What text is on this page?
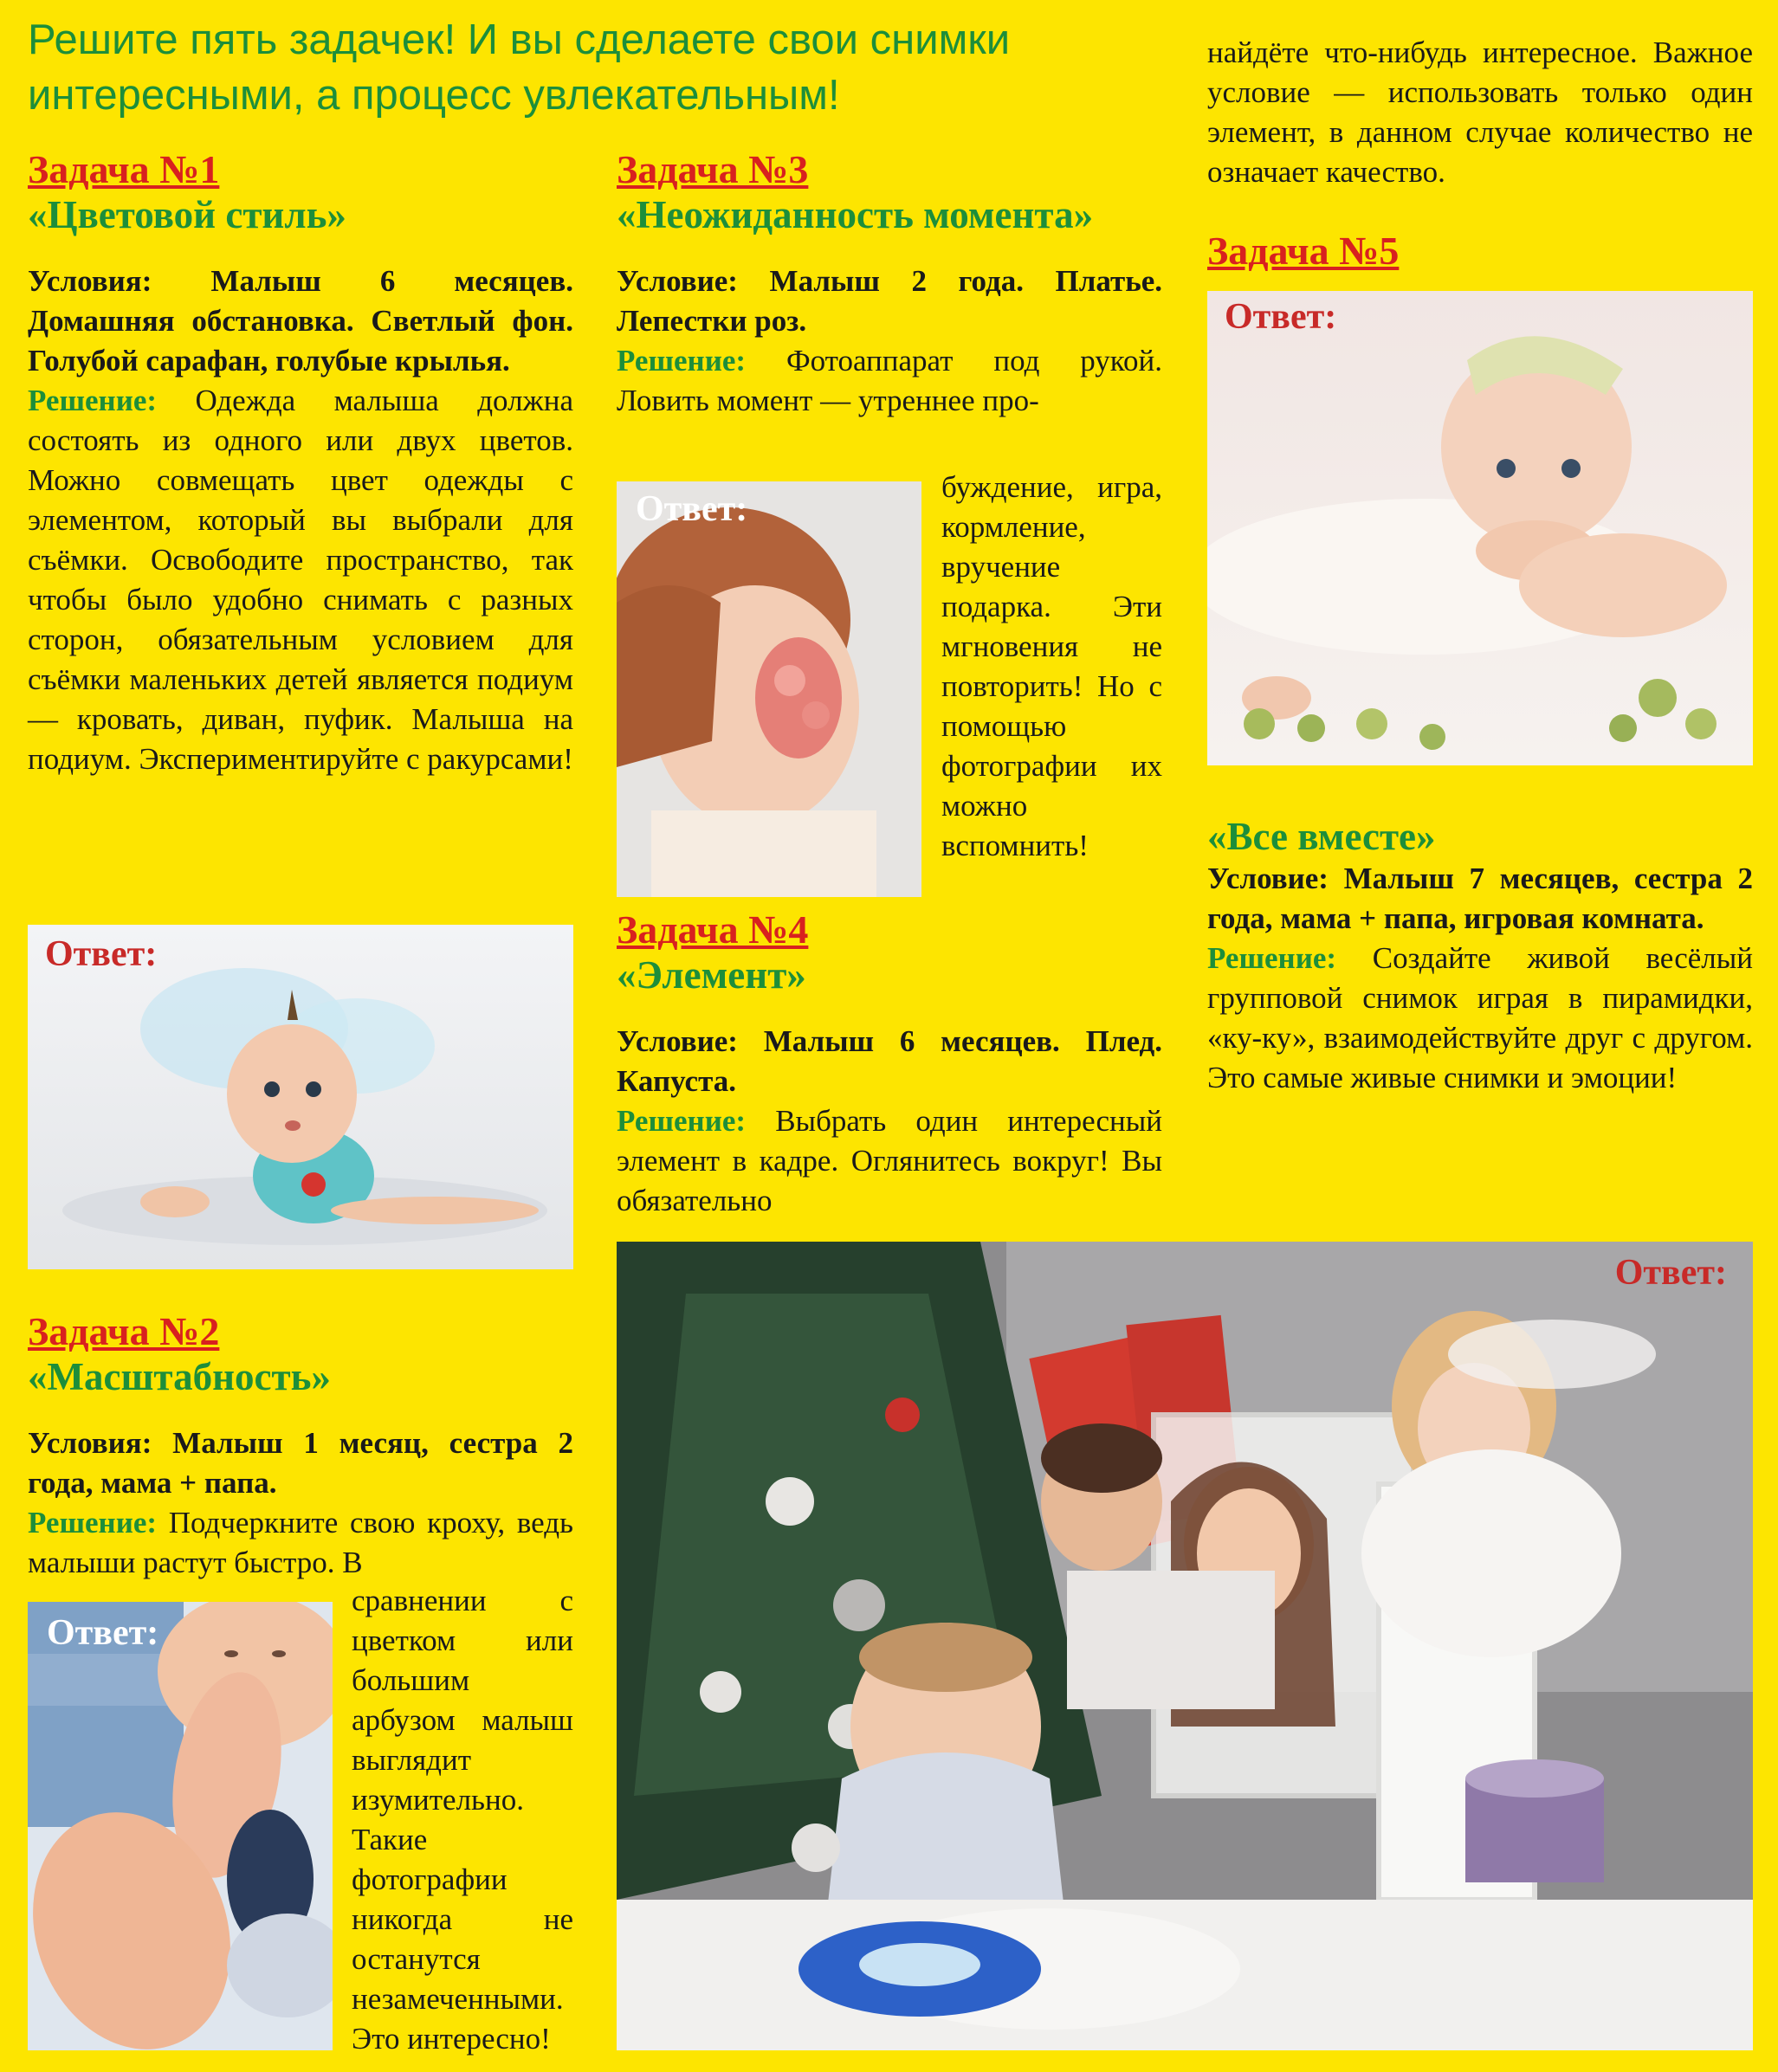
Решите пять задачек! И вы сделаете свои снимки интересными, а процесс увлекательным!

Задача №1

«Цветовой стиль»

Условия: Малыш 6 месяцев. Домашняя обстановка. Светлый фон. Голубой сарафан, голубые крылья.

Решение: Одежда малыша должна состоять из одного или двух цветов. Можно совмещать цвет одежды с элементом, который вы выбрали для съёмки. Освободите пространство, так чтобы было удобно снимать с разных сторон, обязательным условием для съёмки маленьких детей является подиум — кровать, диван, пуфик. Малыша на подиум. Экспериментируйте с ракурсами!

Ответ:

Задача №2

«Масштабность»

Условия: Малыш 1 месяц, сестра 2 года, мама + папа.

Решение: Подчеркните свою кроху, ведь малыши растут быстро. В

Ответ:

сравнении с цветком или большим арбузом малыш выглядит изумительно. Такие фотографии никогда не останутся незамеченными. Это интересно!

Задача №3

«Неожиданность момента»

Условие: Малыш 2 года. Платье. Лепестки роз.

Решение: Фотоаппарат под рукой. Ловить момент — утреннее про-

Ответ:

буждение, игра, кормление, вручение подарка. Эти мгновения не повторить! Но с помощью фотографии их можно вспомнить!

Задача №4

«Элемент»

Условие: Малыш 6 месяцев. Плед. Капуста.

Решение: Выбрать один интересный элемент в кадре. Оглянитесь вокруг! Вы обязательно

найдёте что-нибудь интересное. Важное условие — использовать только один элемент, в данном случае количество не означает качество.

Задача №5

Ответ:

«Все вместе»

Условие: Малыш 7 месяцев, сестра 2 года, мама + папа, игровая комната.

Решение: Создайте живой весёлый групповой снимок играя в пирамидки, «ку-ку», взаимодействуйте друг с другом. Это самые живые снимки и эмоции!

Ответ:
